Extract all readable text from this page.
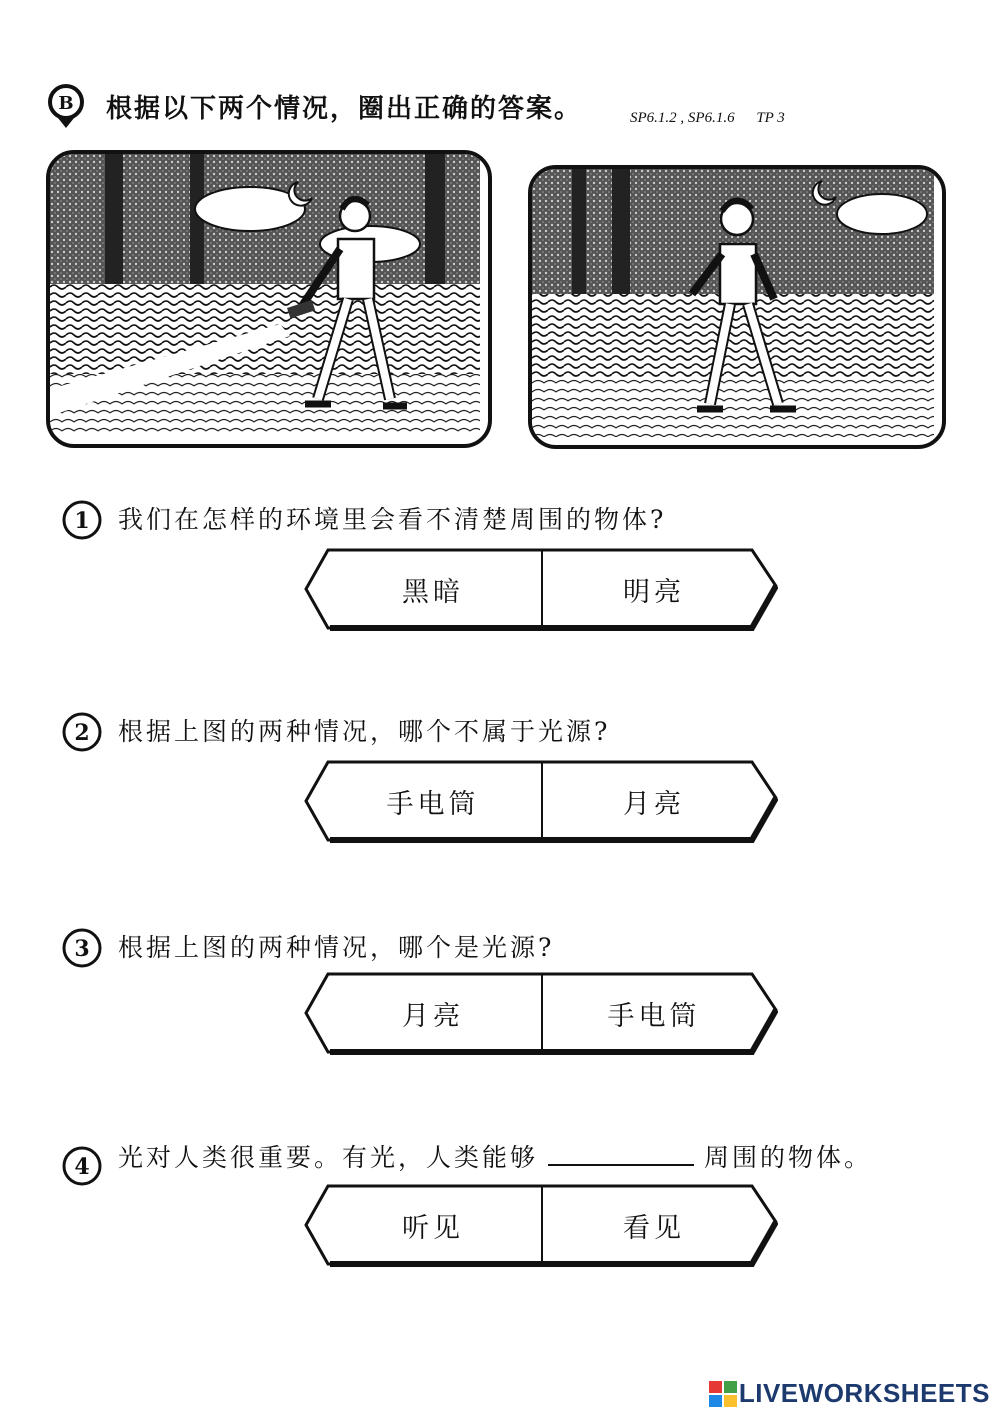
B 根据以下两个情况，圈出正确的答案。	SP6.1.2 , SP6.1.6 TP 3
1 我们在怎样的环境里会看不清楚周围的物体?
黑暗	明亮
2 根据上图的两种情况，哪个不属于光源?
手电筒	月亮
3 根据上图的两种情况，哪个是光源?
月亮	手电筒
4 光对人类很重要。有光，人类能够	周围的物体。
听见	看见
LIVEWORKSHEETS
